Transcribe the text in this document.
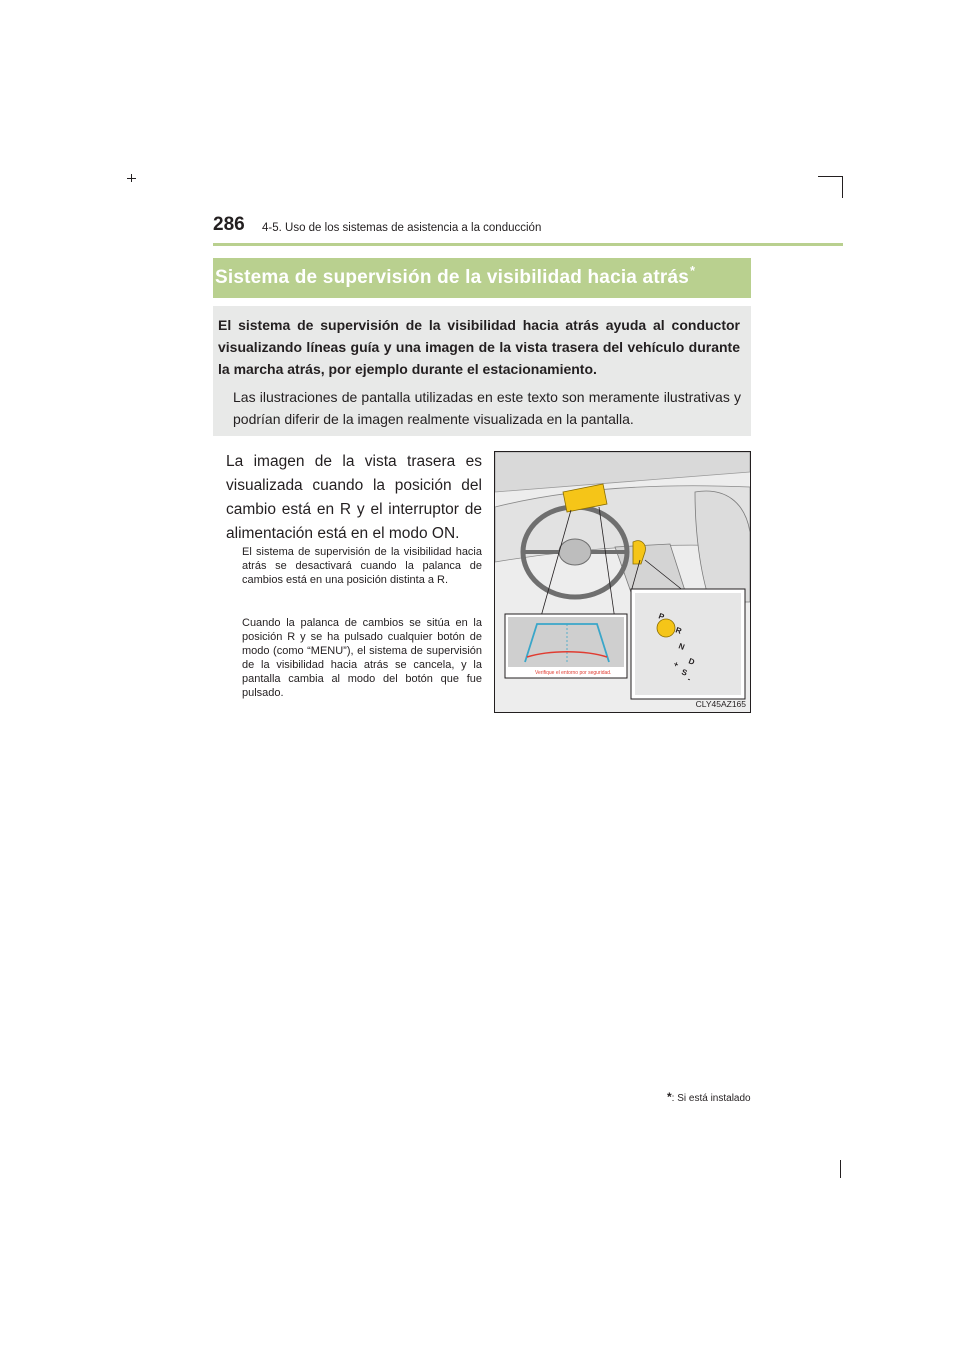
286 4-5. Uso de los sistemas de asistencia a la conducción
Sistema de supervisión de la visibilidad hacia atrás*
El sistema de supervisión de la visibilidad hacia atrás ayuda al conductor visualizando líneas guía y una imagen de la vista trasera del vehículo durante la marcha atrás, por ejemplo durante el estacionamiento.
Las ilustraciones de pantalla utilizadas en este texto son meramente ilustrativas y podrían diferir de la imagen realmente visualizada en la pantalla.
La imagen de la vista trasera es visualizada cuando la posición del cambio está en R y el interruptor de alimentación está en el modo ON.
El sistema de supervisión de la visibilidad hacia atrás se desactivará cuando la palanca de cambios está en una posición distinta a R.
Cuando la palanca de cambios se sitúa en la posición R y se ha pulsado cualquier botón de modo (como “MENU”), el sistema de supervisión de la visibilidad hacia atrás se cancela, y la pantalla cambia al modo del botón que fue pulsado.
Verifique el entorno por seguridad.
P
R
N
D
S
+
-
CLY45AZ165
*: Si está instalado
